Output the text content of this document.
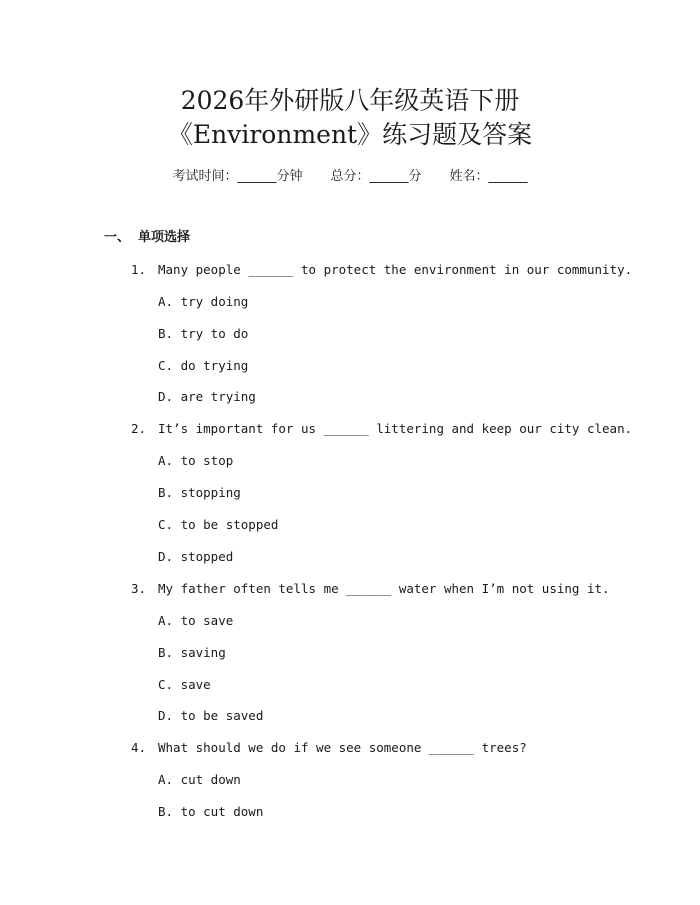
2026年外研版八年级英语下册
《Environment》练习题及答案
考试时间：______分钟 总分：______分 姓名：______
一、 单项选择
1. Many people ______ to protect the environment in our community.
A. try doing
B. try to do
C. do trying
D. are trying
2. It’s important for us ______ littering and keep our city clean.
A. to stop
B. stopping
C. to be stopped
D. stopped
3. My father often tells me ______ water when I’m not using it.
A. to save
B. saving
C. save
D. to be saved
4. What should we do if we see someone ______ trees?
A. cut down
B. to cut down
